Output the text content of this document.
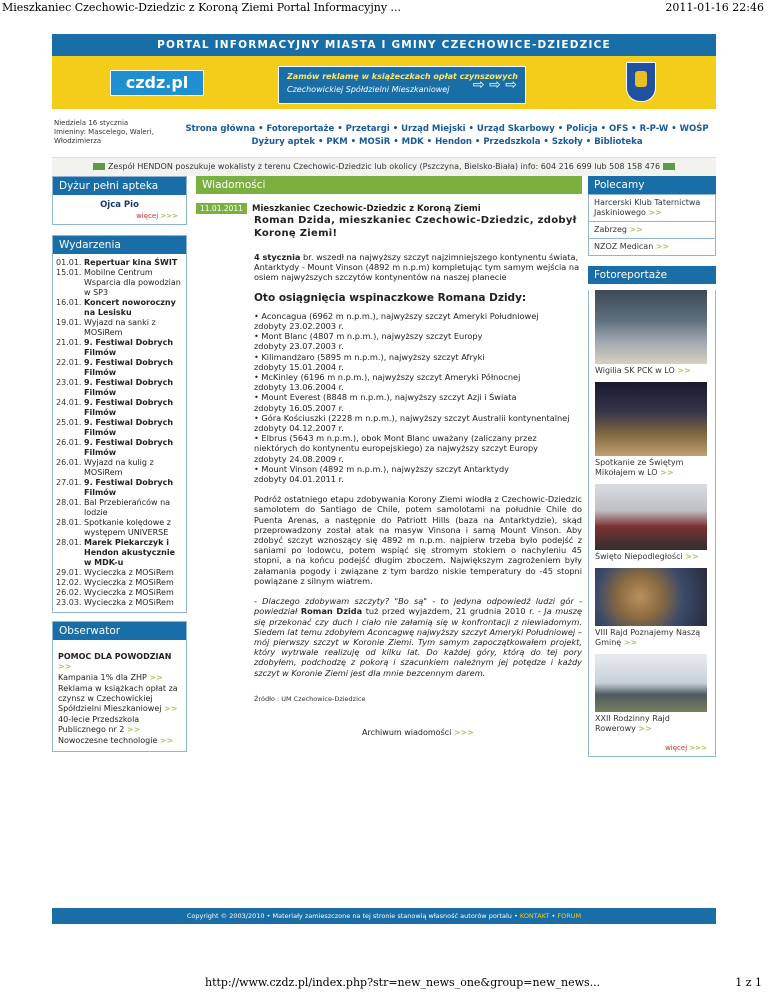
Mieszkaniec Czechowic-Dziedzic z Koroną Ziemi Portal Informacyjny ...	2011-01-16 22:46
PORTAL INFORMACYJNY MIASTA I GMINY CZECHOWICE-DZIEDZICE
czdz.pl	Zamów reklamę w książeczkach opłat czynszowych
Czechowickiej Spółdzielni Mieszkaniowej ⇨ ⇨ ⇨
Niedziela 16 stycznia
Imieniny: Mascelego, Waleri, Włodzimierza
Strona główna • Fotoreportaże • Przetargi • Urząd Miejski • Urząd Skarbowy • Policja • OFS • R-P-W • WOŚP
Dyżury aptek • PKM • MOSiR • MDK • Hendon • Przedszkola • Szkoły • Biblioteka
Zespół HENDON poszukuje wokalisty z terenu Czechowic-Dziedzic lub okolicy (Pszczyna, Bielsko-Biała) info: 604 216 699 lub 508 158 476
Dyżur pełni apteka
Ojca Pio
więcej >>>
Wydarzenia
01.01. Repertuar kina ŚWIT
15.01. Mobilne Centrum Wsparcia dla powodzian w SP3
16.01. Koncert noworoczny na Lesisku
19.01. Wyjazd na sanki z MOSiRem
21.01. 9. Festiwal Dobrych Filmów
22.01. 9. Festiwal Dobrych Filmów
23.01. 9. Festiwal Dobrych Filmów
24.01. 9. Festiwal Dobrych Filmów
25.01. 9. Festiwal Dobrych Filmów
26.01. 9. Festiwal Dobrych Filmów
26.01. Wyjazd na kulig z MOSiRem
27.01. 9. Festiwal Dobrych Filmów
28.01. Bal Przebierańców na lodzie
28.01. Spotkanie kolędowe z występem UNIVERSE
28.01. Marek Piekarczyk i Hendon akustycznie w MDK-u
29.01. Wycieczka z MOSiRem
12.02. Wycieczka z MOSiRem
26.02. Wycieczka z MOSiRem
23.03. Wycieczka z MOSiRem
Obserwator
POMOC DLA POWODZIAN >>
Kampania 1% dla ZHP >>
Reklama w książkach opłat za czynsz w Czechowickiej Spółdzielni Mieszkaniowej >>
40-lecie Przedszkola Publicznego nr 2 >>
Nowoczesne technologie >>
Wiadomości
11.01.2011	Mieszkaniec Czechowic-Dziedzic z Koroną Ziemi
Roman Dzida, mieszkaniec Czechowic-Dziedzic, zdobył Koronę Ziemi!
4 stycznia br. wszedł na najwyższy szczyt najzimniejszego kontynentu świata, Antarktydy - Mount Vinson (4892 m n.p.m) kompletując tym samym wejścia na osiem najwyższych szczytów kontynentów na naszej planecie
Oto osiągnięcia wspinaczkowe Romana Dzidy:
• Aconcagua (6962 m n.p.m.), najwyższy szczyt Ameryki Południowej
zdobyty 23.02.2003 r.
• Mont Blanc (4807 m n.p.m.), najwyższy szczyt Europy
zdobyty 23.07.2003 r.
• Kilimandżaro (5895 m n.p.m.), najwyższy szczyt Afryki
zdobyty 15.01.2004 r.
• McKinley (6196 m n.p.m.), najwyższy szczyt Ameryki Północnej
zdobyty 13.06.2004 r.
• Mount Everest (8848 m n.p.m.), najwyższy szczyt Azji i Świata
zdobyty 16.05.2007 r.
• Góra Kościuszki (2228 m n.p.m.), najwyższy szczyt Australii kontynentalnej
zdobyty 04.12.2007 r.
• Elbrus (5643 m n.p.m.), obok Mont Blanc uważany (zaliczany przez niektórych do kontynentu europejskiego) za najwyższy szczyt Europy
zdobyty 24.08.2009 r.
• Mount Vinson (4892 m n.p.m.), najwyższy szczyt Antarktydy
zdobyty 04.01.2011 r.
Podróż ostatniego etapu zdobywania Korony Ziemi wiodła z Czechowic-Dziedzic samolotem do Santiago de Chile, potem samolotami na południe Chile do Puenta Arenas, a następnie do Patriott Hills (baza na Antarktydzie), skąd przeprowadzony został atak na masyw Vinsona i samą Mount Vinson. Aby zdobyć szczyt wznoszący się 4892 m n.p.m. najpierw trzeba było podejść z saniami po lodowcu, potem wspiąć się stromym stokiem o nachyleniu 45 stopni, a na końcu podejść długim zboczem. Największym zagrożeniem były załamania pogody i związane z tym bardzo niskie temperatury do -45 stopni powiązane z silnym wiatrem.
- Dlaczego zdobywam szczyty? "Bo są" - to jedyna odpowiedź ludzi gór - powiedział Roman Dzida tuż przed wyjazdem, 21 grudnia 2010 r. - Ja muszę się przekonać czy duch i ciało nie załamią się w konfrontacji z niewiadomym. Siedem lat temu zdobyłem Aconcagwę najwyższy szczyt Ameryki Południowej – mój pierwszy szczyt w Koronie Ziemi. Tym samym zapoczątkowałem projekt, który wytrwale realizuję od kilku lat. Do każdej góry, którą do tej pory zdobyłem, podchodzę z pokorą i szacunkiem należnym jej potędze i każdy szczyt w Koronie Ziemi jest dla mnie bezcennym darem.
Źródło : UM Czechowice-Dziedzice
Archiwum wiadomości >>>
Polecamy
Harcerski Klub Taternictwa Jaskiniowego >>
Zabrzeg >>
NZOZ Medican >>
Fotoreportaże
Wigilia SK PCK w LO >>
Spotkanie ze Świętym Mikołajem w LO >>
Święto Niepodległości >>
VIII Rajd Poznajemy Naszą Gminę >>
XXII Rodzinny Rajd Rowerowy >>
więcej >>>
Copyright © 2003/2010 • Materiały zamieszczone na tej stronie stanowią własność autorów portalu • KONTAKT • FORUM
http://www.czdz.pl/index.php?str=new_news_one&group=new_news...	1 z 1
